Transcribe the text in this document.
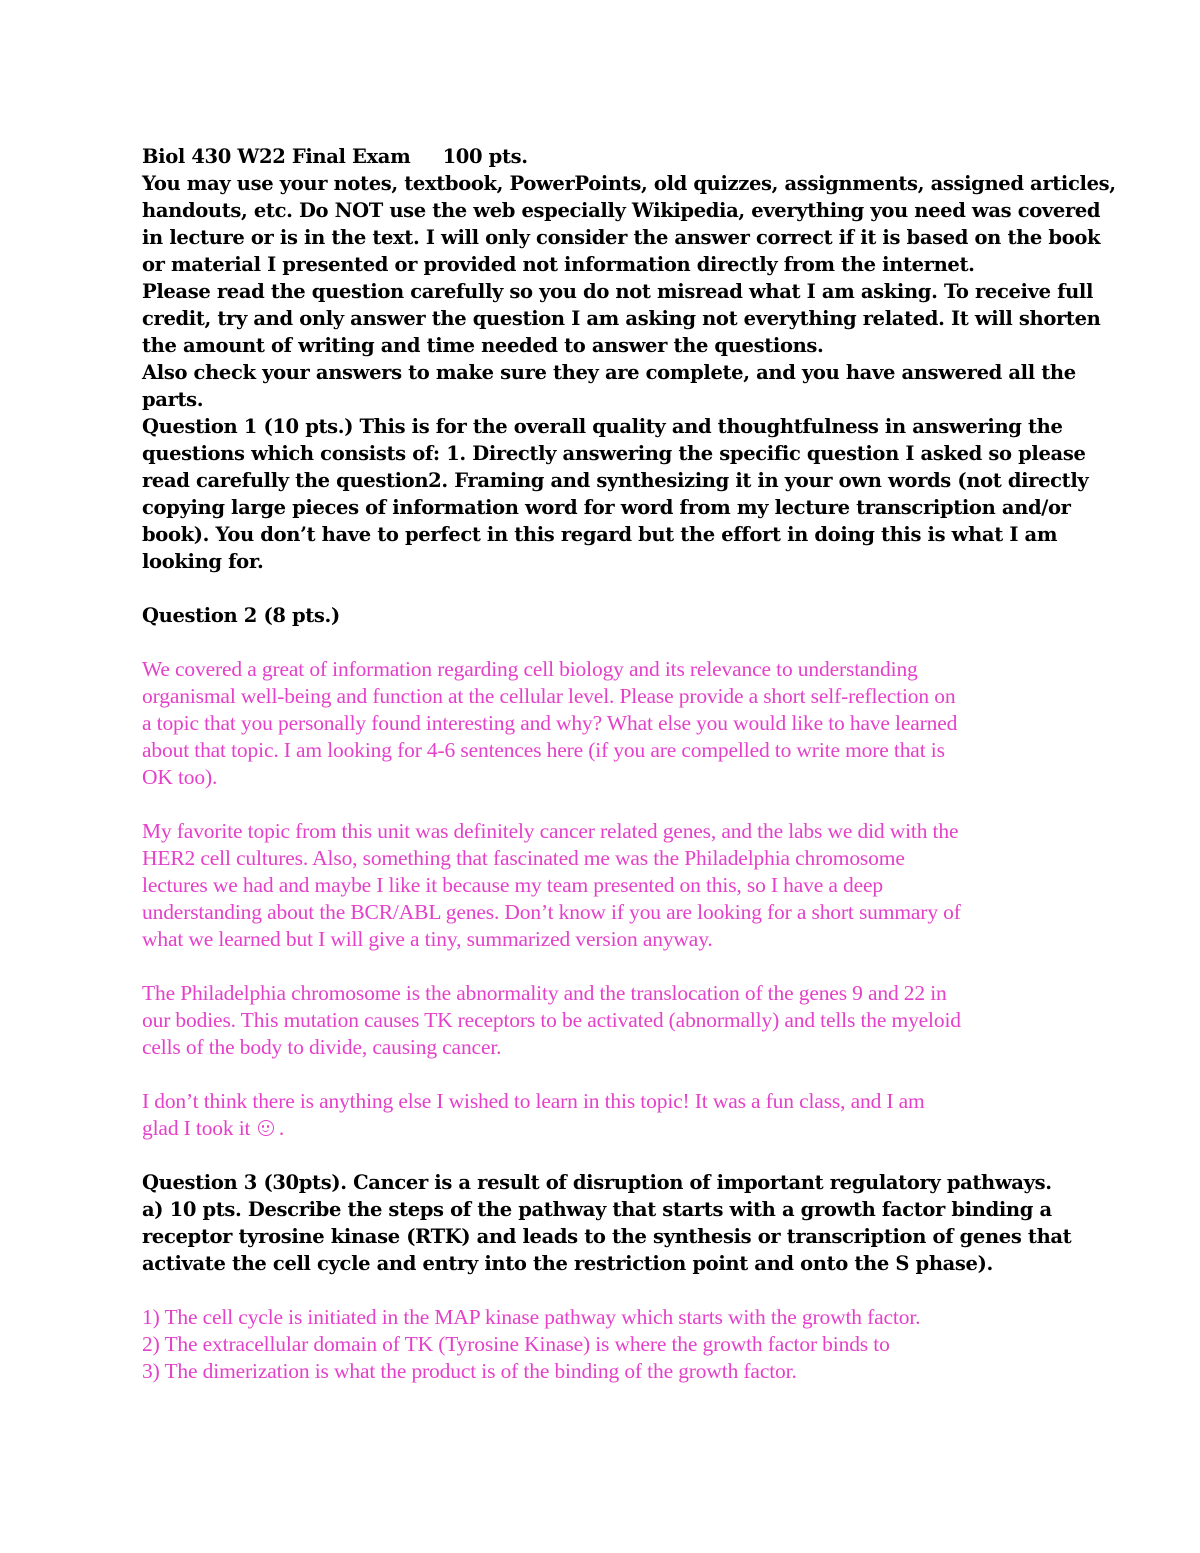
Biol 430 W22 Final Exam     100 pts.
You may use your notes, textbook, PowerPoints, old quizzes, assignments, assigned articles,
handouts, etc. Do NOT use the web especially Wikipedia, everything you need was covered
in lecture or is in the text. I will only consider the answer correct if it is based on the book
or material I presented or provided not information directly from the internet.
Please read the question carefully so you do not misread what I am asking. To receive full
credit, try and only answer the question I am asking not everything related. It will shorten
the amount of writing and time needed to answer the questions.
Also check your answers to make sure they are complete, and you have answered all the
parts.
Question 1 (10 pts.) This is for the overall quality and thoughtfulness in answering the
questions which consists of: 1. Directly answering the specific question I asked so please
read carefully the question2. Framing and synthesizing it in your own words (not directly
copying large pieces of information word for word from my lecture transcription and/or
book). You don’t have to perfect in this regard but the effort in doing this is what I am
looking for.
Question 2 (8 pts.)
We covered a great of information regarding cell biology and its relevance to understanding
organismal well-being and function at the cellular level. Please provide a short self-reflection on
a topic that you personally found interesting and why? What else you would like to have learned
about that topic. I am looking for 4-6 sentences here (if you are compelled to write more that is
OK too).
My favorite topic from this unit was definitely cancer related genes, and the labs we did with the
HER2 cell cultures. Also, something that fascinated me was the Philadelphia chromosome
lectures we had and maybe I like it because my team presented on this, so I have a deep
understanding about the BCR/ABL genes. Don’t know if you are looking for a short summary of
what we learned but I will give a tiny, summarized version anyway.
The Philadelphia chromosome is the abnormality and the translocation of the genes 9 and 22 in
our bodies. This mutation causes TK receptors to be activated (abnormally) and tells the myeloid
cells of the body to divide, causing cancer.
I don’t think there is anything else I wished to learn in this topic! It was a fun class, and I am
glad I took it
.
Question 3 (30pts). Cancer is a result of disruption of important regulatory pathways.
a) 10 pts. Describe the steps of the pathway that starts with a growth factor binding a
receptor tyrosine kinase (RTK) and leads to the synthesis or transcription of genes that
activate the cell cycle and entry into the restriction point and onto the S phase).
1) The cell cycle is initiated in the MAP kinase pathway which starts with the growth factor.
2) The extracellular domain of TK (Tyrosine Kinase) is where the growth factor binds to
3) The dimerization is what the product is of the binding of the growth factor.
